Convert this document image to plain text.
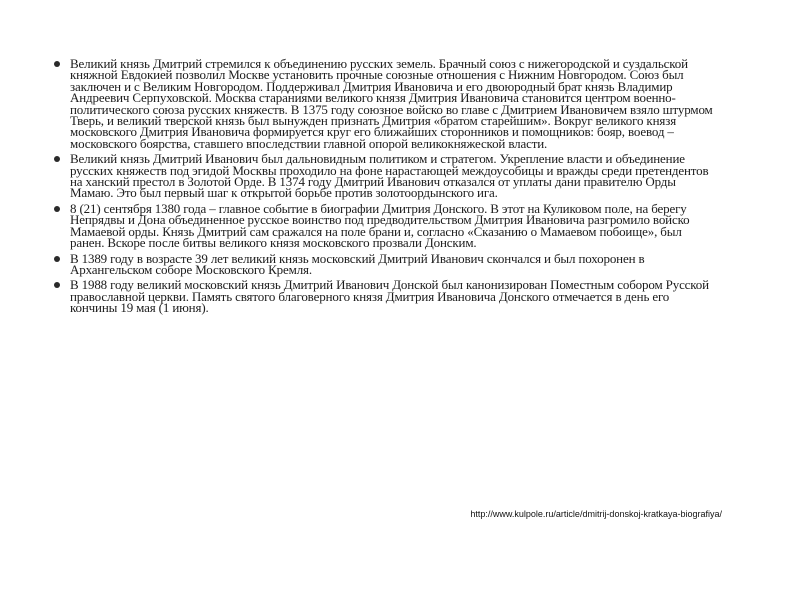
Великий князь Дмитрий стремился к объединению русских земель. Брачный союз с нижегородской и суздальской княжной Евдокией позволил Москве установить прочные союзные отношения с Нижним Новгородом. Союз был заключен и с Великим Новгородом. Поддерживал Дмитрия Ивановича и его двоюродный брат князь Владимир Андреевич Серпуховской. Москва стараниями великого князя Дмитрия Ивановича становится центром военно-политического союза русских княжеств. В 1375 году союзное войско во главе с Дмитрием Ивановичем взяло штурмом Тверь, и великий тверской князь был вынужден признать Дмитрия «братом старейшим». Вокруг великого князя московского Дмитрия Ивановича формируется круг его ближайших сторонников и помощников: бояр, воевод – московского боярства, ставшего впоследствии главной опорой великокняжеской власти.
Великий князь Дмитрий Иванович был дальновидным политиком и стратегом. Укрепление власти и объединение русских княжеств под эгидой Москвы проходило на фоне нарастающей междоусобицы и вражды среди претендентов на ханский престол в Золотой Орде. В 1374 году Дмитрий Иванович отказался от уплаты дани правителю Орды Мамаю. Это был первый шаг к открытой борьбе против золотоордынского ига.
8 (21) сентября 1380 года – главное событие в биографии Дмитрия Донского. В этот на Куликовом поле, на берегу Непрядвы и Дона объединенное русское воинство под предводительством Дмитрия Ивановича разгромило войско Мамаевой орды. Князь Дмитрий сам сражался на поле брани и, согласно «Сказанию о Мамаевом побоище», был ранен. Вскоре после битвы великого князя московского прозвали Донским.
В 1389 году в возрасте 39 лет великий князь московский Дмитрий Иванович скончался и был похоронен в Архангельском соборе Московского Кремля.
В 1988 году великий московский князь Дмитрий Иванович Донской был канонизирован Поместным собором Русской православной церкви. Память святого благоверного князя Дмитрия Ивановича Донского отмечается в день его кончины 19 мая (1 июня).
http://www.kulpole.ru/article/dmitrij-donskoj-kratkaya-biografiya/
